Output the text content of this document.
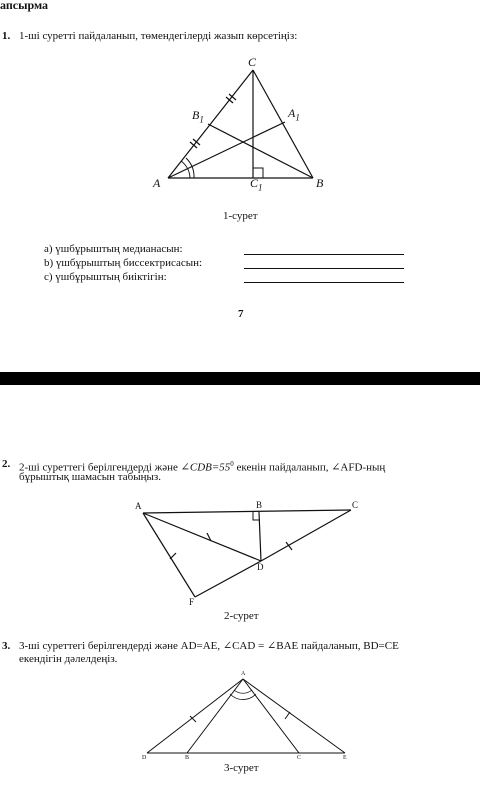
апсырма
1. 1-ші суретті пайдаланып, төмендегілерді жазып көрсетіңіз:
C
$B_1$	$A_1$
A	$C_1$	B
1-сурет
a) үшбұрыштың медианасын:
b) үшбұрыштың биссектрисасын:
c) үшбұрыштың биіктігін:
7
2. 2-ші суреттегі берілгендерді және $\angle CDB=55^0$ екенін пайдаланып, ∠AFD-ның
бұрыштық шамасын табыңыз.
A	B	C
D
F
2-сурет
3. 3-ші суреттегі берілгендерді және AD=AE, ∠CAD = ∠BAE пайдаланып, BD=CE
екендігін дәлелдеңіз.
A
D	B	C	E
3-сурет
